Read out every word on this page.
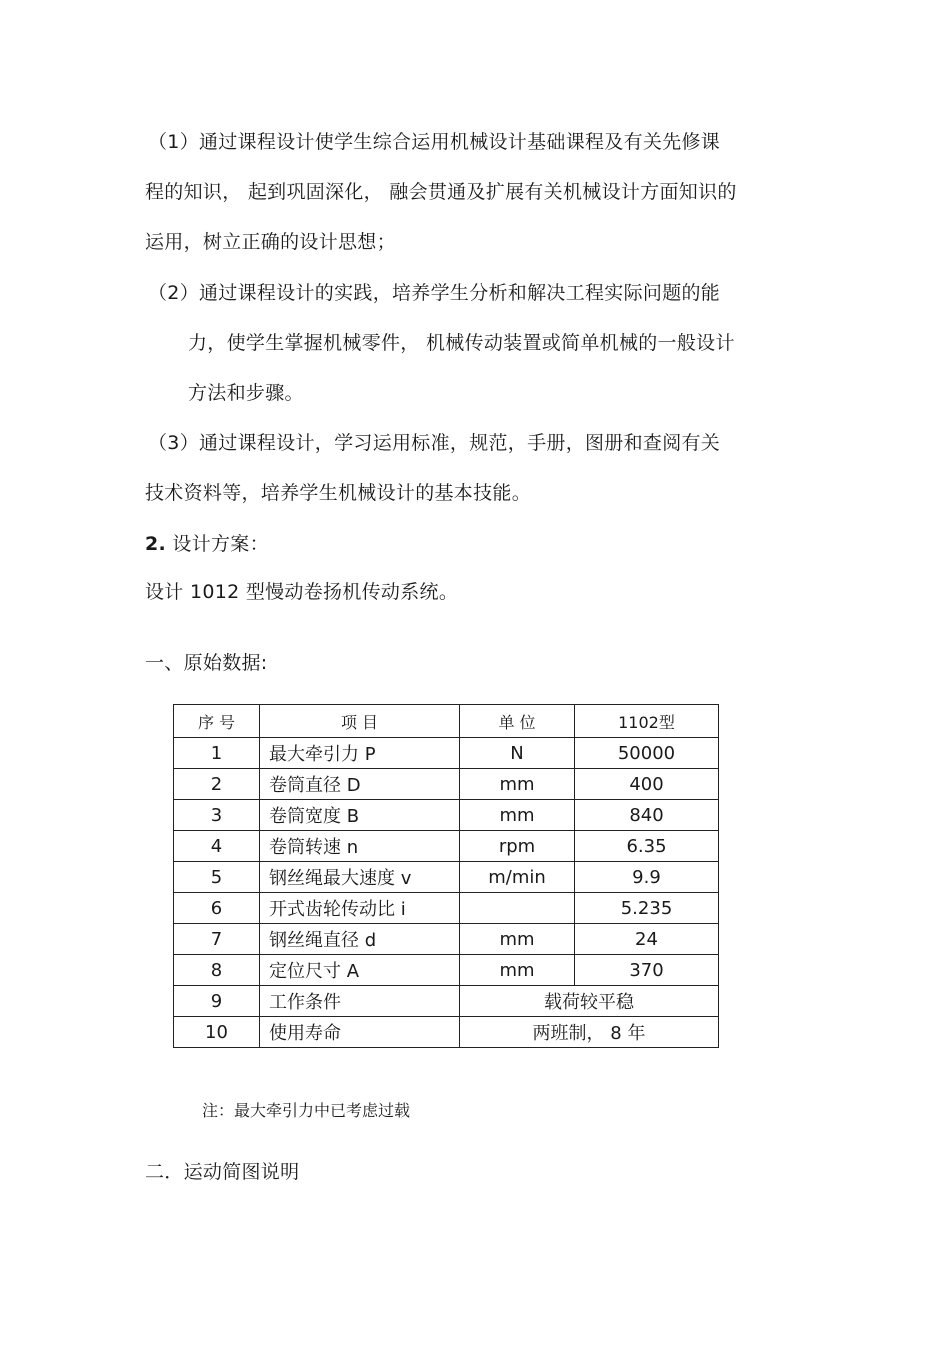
（1）通过课程设计使学生综合运用机械设计基础课程及有关先修课
程的知识， 起到巩固深化， 融会贯通及扩展有关机械设计方面知识的
运用，树立正确的设计思想；
（2）通过课程设计的实践，培养学生分析和解决工程实际问题的能
力，使学生掌握机械零件， 机械传动装置或简单机械的一般设计
方法和步骤。
（3）通过课程设计，学习运用标准，规范，手册，图册和查阅有关
技术资料等，培养学生机械设计的基本技能。
2. 设计方案：
设计 1012 型慢动卷扬机传动系统。
一、原始数据:
序 号	项 目	单 位	1102型
1	最大牵引力 P	N	50000
2	卷筒直径 D	mm	400
3	卷筒宽度 B	mm	840
4	卷筒转速 n	rpm	6.35
5	钢丝绳最大速度 v	m/min	9.9
6	开式齿轮传动比 i		5.235
7	钢丝绳直径 d	mm	24
8	定位尺寸 A	mm	370
9	工作条件	载荷较平稳	
10	使用寿命	两班制， 8 年	
注：最大牵引力中已考虑过载
二．运动简图说明
